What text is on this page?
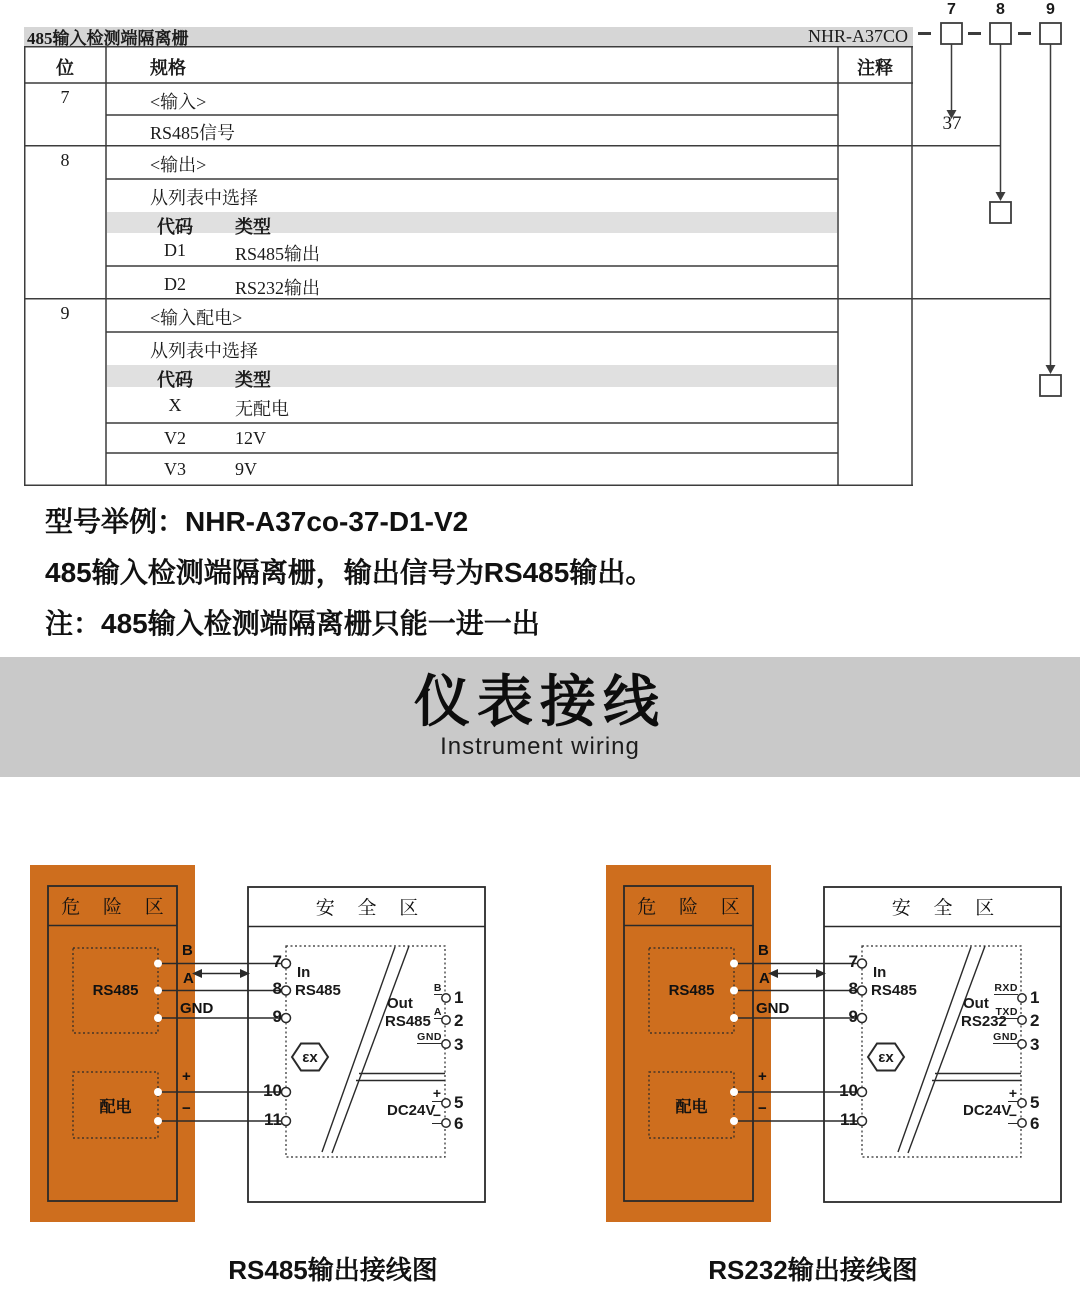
485输入检测端隔离栅	NHR-A37CO
7	8	9
37
位	规格	注释
7	<输入>
RS485信号
8	<输出>
从列表中选择
代码	类型
D1	RS485输出
D2	RS232输出
9	<输入配电>
从列表中选择
代码	类型
X	无配电
V2	12V
V3	9V
型号举例：NHR-A37co-37-D1-V2
485输入检测端隔离栅，输出信号为RS485输出。
注：485输入检测端隔离栅只能一进一出
仪表接线
Instrument wiring
εx
危 险 区	安 全 区
RS485
配电
B
A
GND
+
−
7
8
9
10
11
In
RS485
Out
RS485
B
A
GND
1
2
3
DC24V
+
−
5
6
εx
危 险 区	安 全 区
RS485
配电
B
A
GND
+
−
7
8
9
10
11
In
RS485
Out
RS232
RXD
TXD
GND
1
2
3
DC24V
+
−
5
6
RS485输出接线图	RS232输出接线图
